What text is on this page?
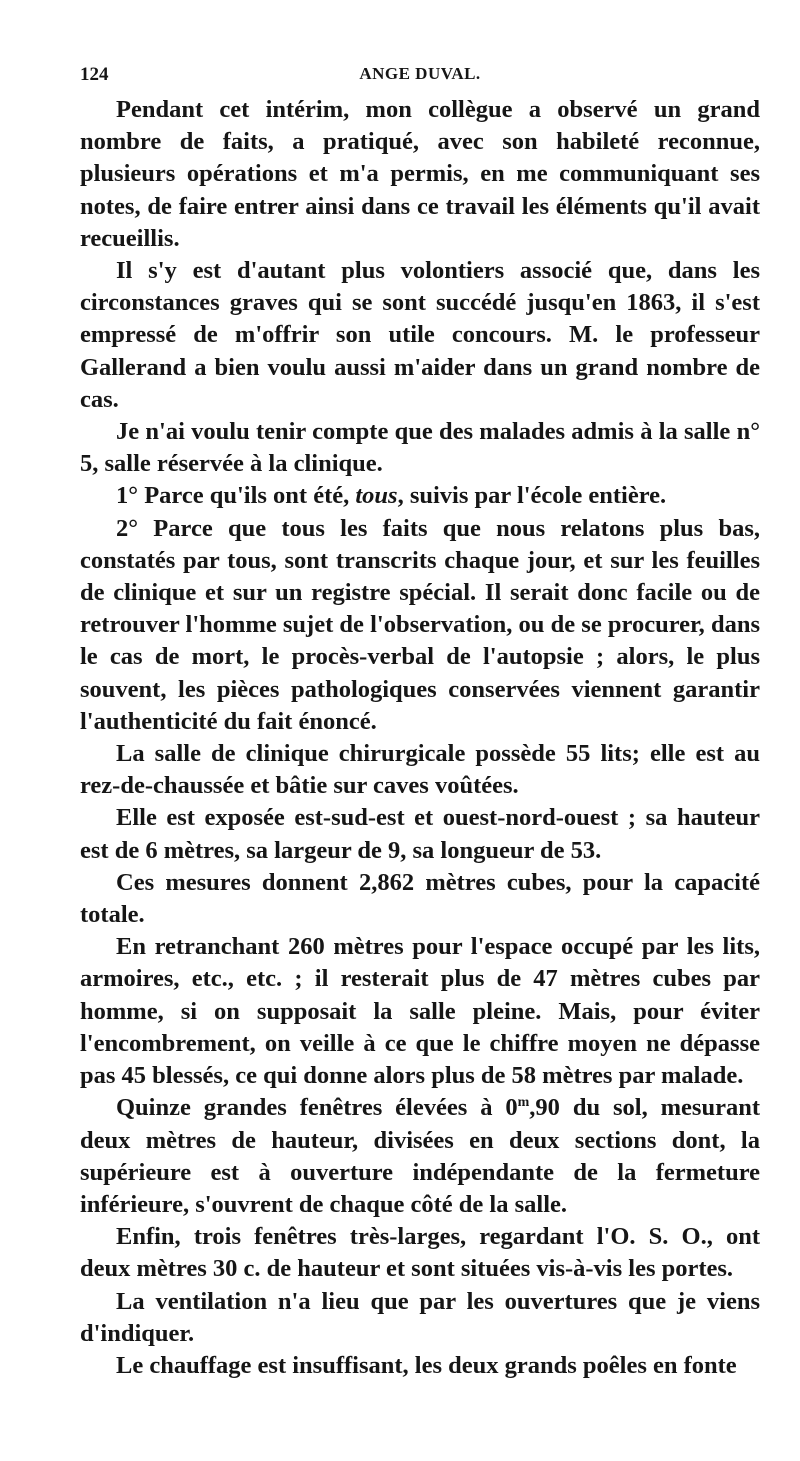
124	ANGE DUVAL.

Pendant cet intérim, mon collègue a observé un grand nombre de faits, a pratiqué, avec son habileté reconnue, plusieurs opérations et m'a permis, en me communiquant ses notes, de faire entrer ainsi dans ce travail les éléments qu'il avait recueillis.

Il s'y est d'autant plus volontiers associé que, dans les circonstances graves qui se sont succédé jusqu'en 1863, il s'est empressé de m'offrir son utile concours. M. le professeur Gallerand a bien voulu aussi m'aider dans un grand nombre de cas.

Je n'ai voulu tenir compte que des malades admis à la salle n° 5, salle réservée à la clinique.

1° Parce qu'ils ont été, tous, suivis par l'école entière.

2° Parce que tous les faits que nous relatons plus bas, constatés par tous, sont transcrits chaque jour, et sur les feuilles de clinique et sur un registre spécial. Il serait donc facile ou de retrouver l'homme sujet de l'observation, ou de se procurer, dans le cas de mort, le procès-verbal de l'autopsie ; alors, le plus souvent, les pièces pathologiques conservées viennent garantir l'authenticité du fait énoncé.

La salle de clinique chirurgicale possède 55 lits; elle est au rez-de-chaussée et bâtie sur caves voûtées.

Elle est exposée est-sud-est et ouest-nord-ouest ; sa hauteur est de 6 mètres, sa largeur de 9, sa longueur de 53.

Ces mesures donnent 2,862 mètres cubes, pour la capacité totale.

En retranchant 260 mètres pour l'espace occupé par les lits, armoires, etc., etc. ; il resterait plus de 47 mètres cubes par homme, si on supposait la salle pleine. Mais, pour éviter l'encombrement, on veille à ce que le chiffre moyen ne dépasse pas 45 blessés, ce qui donne alors plus de 58 mètres par malade.

Quinze grandes fenêtres élevées à 0$^m$,90 du sol, mesurant deux mètres de hauteur, divisées en deux sections dont, la supérieure est à ouverture indépendante de la fermeture inférieure, s'ouvrent de chaque côté de la salle.

Enfin, trois fenêtres très-larges, regardant l'O. S. O., ont deux mètres 30 c. de hauteur et sont situées vis-à-vis les portes.

La ventilation n'a lieu que par les ouvertures que je viens d'indiquer.

Le chauffage est insuffisant, les deux grands poêles en fonte
